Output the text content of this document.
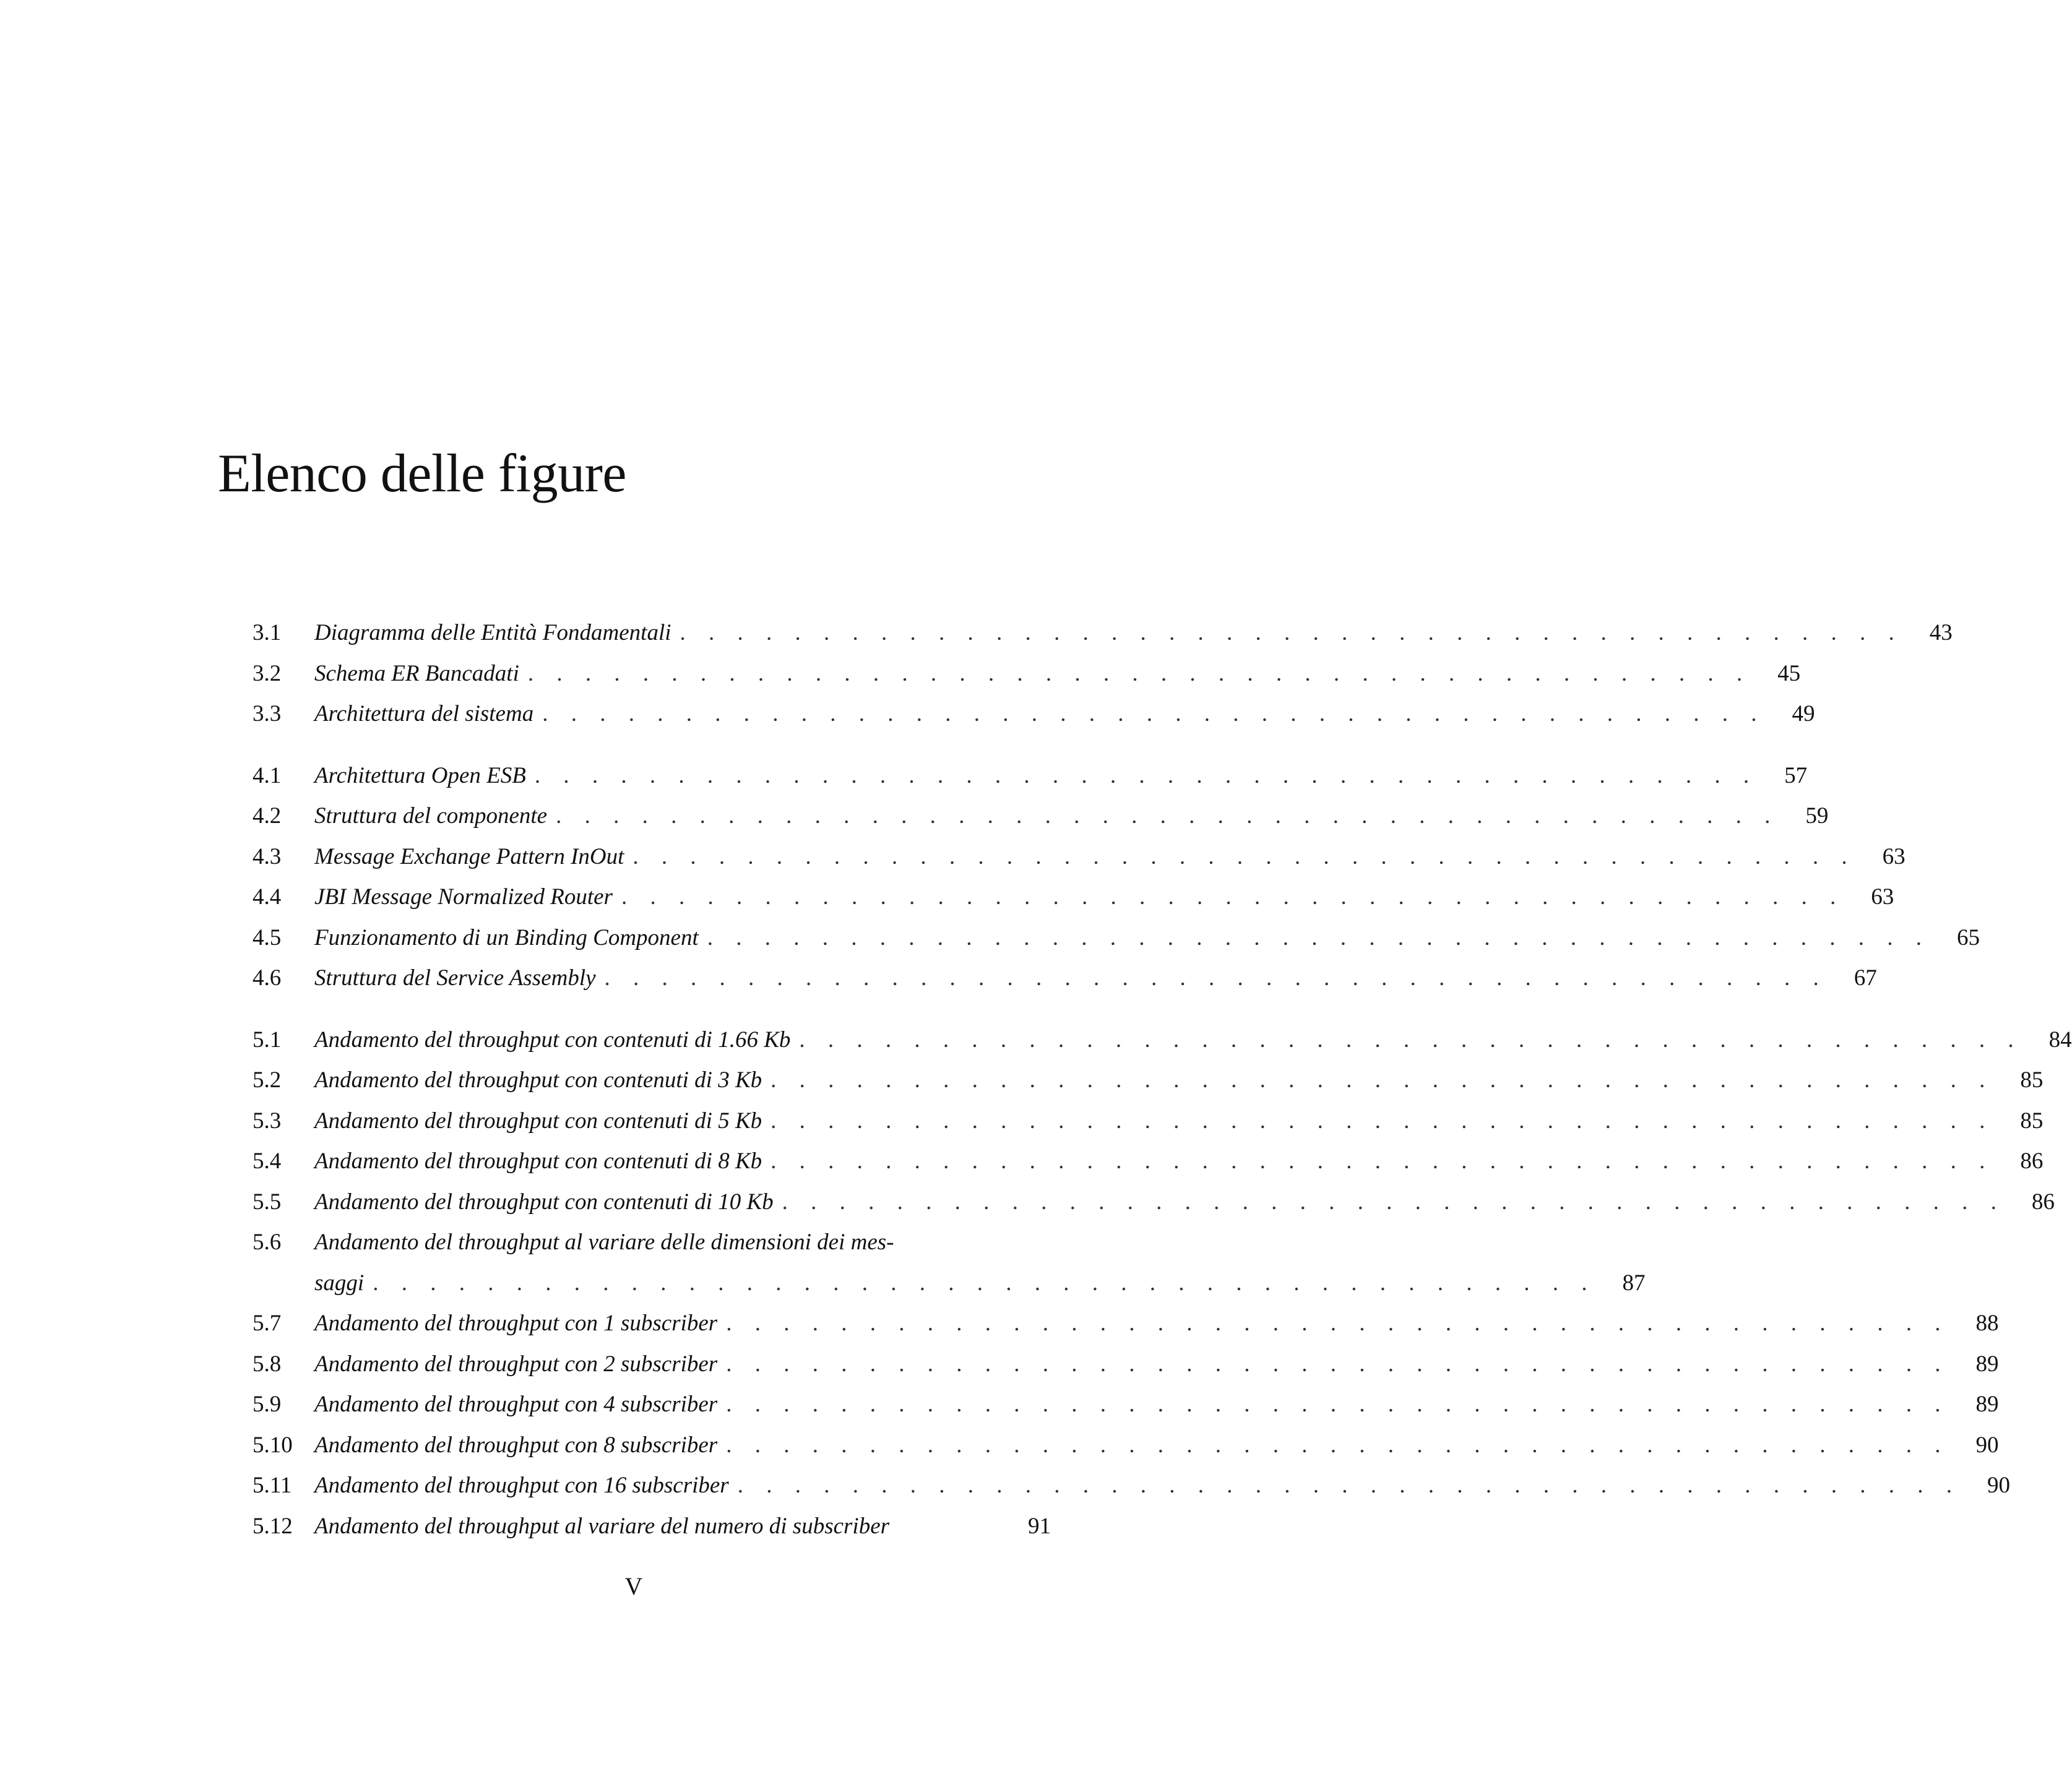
Elenco delle figure
3.1 Diagramma delle Entità Fondamentali . . . . . . . . . . . . . . . . . . . . . . . . . . . . . . . . . . . . . . . . . . .	43
3.2 Schema ER Bancadati . . . . . . . . . . . . . . . . . . . . . . . . . . . . . . . . . . . . . . . . . . .	45
3.3 Architettura del sistema . . . . . . . . . . . . . . . . . . . . . . . . . . . . . . . . . . . . . . . . . . .	49
4.1 Architettura Open ESB . . . . . . . . . . . . . . . . . . . . . . . . . . . . . . . . . . . . . . . . . . .	57
4.2 Struttura del componente . . . . . . . . . . . . . . . . . . . . . . . . . . . . . . . . . . . . . . . . . . .	59
4.3 Message Exchange Pattern InOut . . . . . . . . . . . . . . . . . . . . . . . . . . . . . . . . . . . . . . . . . . .	63
4.4 JBI Message Normalized Router . . . . . . . . . . . . . . . . . . . . . . . . . . . . . . . . . . . . . . . . . . .	63
4.5 Funzionamento di un Binding Component . . . . . . . . . . . . . . . . . . . . . . . . . . . . . . . . . . . . . . . . . . .	65
4.6 Struttura del Service Assembly . . . . . . . . . . . . . . . . . . . . . . . . . . . . . . . . . . . . . . . . . . .	67
5.1 Andamento del throughput con contenuti di 1.66 Kb . . . . . . . . . . . . . . . . . . . . . . . . . . . . . . . . . . . . . . . . . . .	84
5.2 Andamento del throughput con contenuti di 3 Kb . . . . . . . . . . . . . . . . . . . . . . . . . . . . . . . . . . . . . . . . . . .	85
5.3 Andamento del throughput con contenuti di 5 Kb . . . . . . . . . . . . . . . . . . . . . . . . . . . . . . . . . . . . . . . . . . .	85
5.4 Andamento del throughput con contenuti di 8 Kb . . . . . . . . . . . . . . . . . . . . . . . . . . . . . . . . . . . . . . . . . . .	86
5.5 Andamento del throughput con contenuti di 10 Kb . . . . . . . . . . . . . . . . . . . . . . . . . . . . . . . . . . . . . . . . . . .	86
5.6 Andamento del throughput al variare delle dimensioni dei mes-
saggi . . . . . . . . . . . . . . . . . . . . . . . . . . . . . . . . . . . . . . . . . . .	87
5.7 Andamento del throughput con 1 subscriber . . . . . . . . . . . . . . . . . . . . . . . . . . . . . . . . . . . . . . . . . . .	88
5.8 Andamento del throughput con 2 subscriber . . . . . . . . . . . . . . . . . . . . . . . . . . . . . . . . . . . . . . . . . . .	89
5.9 Andamento del throughput con 4 subscriber . . . . . . . . . . . . . . . . . . . . . . . . . . . . . . . . . . . . . . . . . . .	89
5.10 Andamento del throughput con 8 subscriber . . . . . . . . . . . . . . . . . . . . . . . . . . . . . . . . . . . . . . . . . . .	90
5.11 Andamento del throughput con 16 subscriber . . . . . . . . . . . . . . . . . . . . . . . . . . . . . . . . . . . . . . . . . . .	90
5.12 Andamento del throughput al variare del numero di subscriber	91
V
